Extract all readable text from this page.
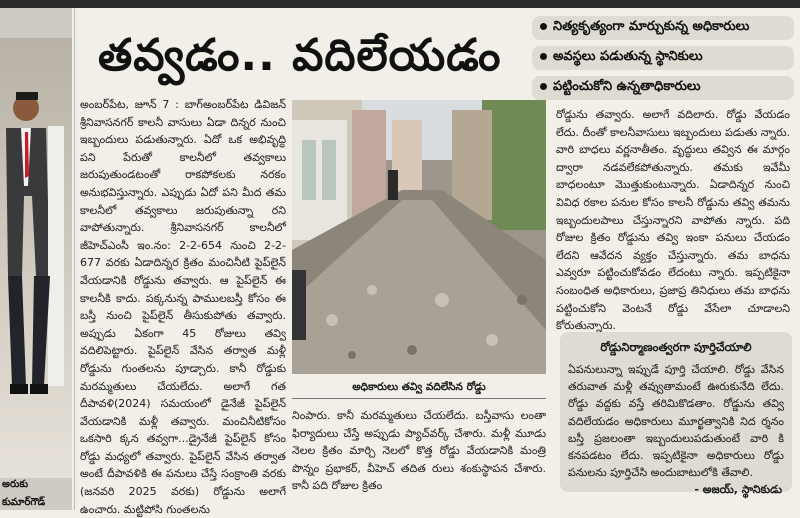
అరుకు
కుమార్‌గౌడ్
తవ్వడం.. వదిలేయడం
నిత్యకృత్యంగా మార్చుకున్న అధికారులు
అవస్థలు పడుతున్న స్థానికులు
పట్టించుకోని ఉన్నతాధికారులు

అంబర్‌పేట, జూన్ 7 : బాగ్‌అంబర్‌పేట డివిజన్ శ్రీనివాసనగర్ కాలనీ వాసులు ఏడా దిన్నర నుంచి ఇబ్బందులు పడుతున్నారు. ఏదో ఒక అభివృద్ధి పని పేరుతో కాలనీలో తవ్వకాలు జరుపుతుండటంతో రాకపోకలకు నరకం అనుభవిస్తున్నారు. ఎప్పుడు ఏదో పని మీద తమ కాలనీలో తవ్వకాలు జరుపుతున్నా రని వాపోతున్నారు. శ్రీనివాసనగర్ కాలనీలో జీహెచ్ఎంసీ ఇం.నం: 2-2-654 నుంచి 2-2-677 వరకు ఏడాదిన్నర క్రితం మంచినీటి పైప్‌లైన్ వేయడానికి రోడ్డును తవ్వారు. ఆ పైప్‌లైన్ ఈ కాలనీకి కాదు. పక్కనున్న పాములబస్తీ కోసం ఈ బస్తీ నుంచి పైప్‌లైన్ తీసుకుపోతు తవ్వారు. అప్పుడు ఏకంగా 45 రోజులు తవ్వి వదిలిపెట్టారు. పైప్‌లైన్ వేసిన తర్వాత మళ్లీ రోడ్డును గుంతలను పూడ్చారు. కానీ రోడ్డుకు మరమ్మతులు చేయలేదు. అలాగే గత దీపావళి(2024) సమయంలో డైనేజీ పైప్‌లైన్ వేయడానికి మళ్లీ తవ్వారు. మంచినీటికోసం ఒకసారి క్కన తవ్వగా...డ్రైనేజీ పైప్‌లైన్ కోసం రోడ్డు మధ్యలో తవ్వారు. పైప్‌లైన్ వేసిన తర్వాత అంటే దీపావళికి ఈ పనులు చేస్తే సంక్రాంతి వరకు (జనవరి 2025 వరకు) రోడ్డును అలాగే ఉంచారు. మట్టిపోసి గుంతలను

అధికారులు తవ్వి వదిలేసిన రోడ్డు

నింపారు. కానీ మరమ్మతులు చేయలేదు. బస్తీవాసు లంతా ఫిర్యాదులు చేస్తే అప్పుడు ప్యాచ్‌వర్క్ చేశారు. మళ్లీ మూడు నెలల క్రితం మార్చి నెలలో కొత్త రోడ్డు వేయడానికి మంత్రి పొన్నం ప్రభాకర్, వీహెచ్ తదిత రులు శంకుస్థాపన చేశారు. కానీ పది రోజుల క్రితం

రోడ్డును తవ్వారు. అలాగే వదిలారు. రోడ్డు వేయడం లేదు. దీంతో కాలనీవాసులు ఇబ్బందులు పడుతు న్నారు. వారి బాధలు వర్ణనాతీతం. వృద్ధులు తవ్విన ఈ మార్గం ద్వారా నడవలేకపోతున్నారు. తమకు ఇవేమీ బాధలంటూ మొత్తుకుంటున్నారు. ఏడాదిన్నర నుంచి వివిధ రకాల పనుల కోసం కాలనీ రోడ్డును తవ్వి తమను ఇబ్బందులపాలు చేస్తున్నారని వాపోతు న్నారు. పది రోజుల క్రితం రోడ్డును తవ్వి ఇంకా పనులు చేయడం లేదని ఆవేదన వ్యక్తం చేస్తున్నారు. తమ బాధను ఎవ్వరూ పట్టించుకోవడం లేదంటు న్నారు. ఇప్పటికైనా సంబంధిత అధికారులు, ప్రజాప్ర తినిధులు తమ బాధను పట్టించుకోని వెంటనే రోడ్డు వేసేలా చూడాలని కోరుతున్నారు.

రోడ్డునిర్మాణంత్వరగా పూర్తిచేయాలి
ఏపనులున్నా ఇప్పుడే పూర్తి చేయాలి. రోడ్డు వేసిన తరువాత మళ్లీ తవ్వుతామంటే ఊరుకునేది లేదు. రోడ్డు వద్దకు వస్తే తరిమికొడతాం. రోడ్డును తవ్వి వదిలేయడం అధికారులు మూర్ఖత్వానికి నిద ర్శనం బస్తీ ప్రజలంతా ఇబ్బందులుపడుతుంటే వారి కి కనపడటం లేదు. ఇప్పటికైనా అధికారులు రోడ్డు పనులను పూర్తిచేసి అందుబాటులోకి తేవాలి.
- అజయ్, స్థానికుడు
